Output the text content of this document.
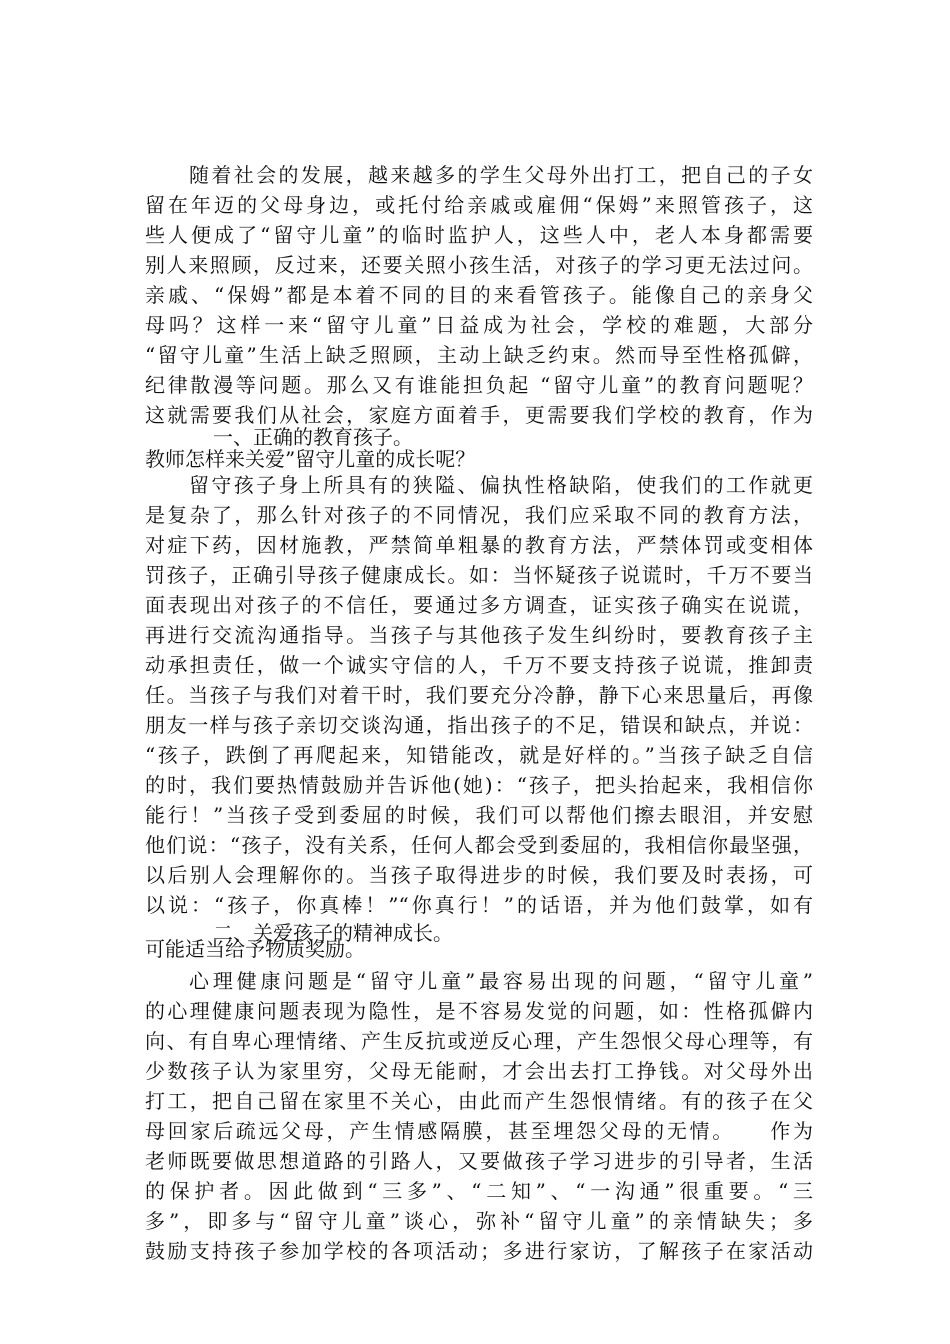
随着社会的发展，越来越多的学生父母外出打工，把自己的子女
留在年迈的父母身边，或托付给亲戚或雇佣“保姆”来照管孩子，这
些人便成了“留守儿童”的临时监护人，这些人中，老人本身都需要
别人来照顾，反过来，还要关照小孩生活，对孩子的学习更无法过问。
亲戚、“保姆”都是本着不同的目的来看管孩子。能像自己的亲身父
母吗？这样一来“留守儿童”日益成为社会，学校的难题，大部分
“留守儿童”生活上缺乏照顾，主动上缺乏约束。然而导至性格孤僻，
纪律散漫等问题。那么又有谁能担负起 “留守儿童”的教育问题呢？
这就需要我们从社会，家庭方面着手，更需要我们学校的教育，作为
教师怎样来关爱”留守儿童的成长呢？

一、正确的教育孩子。

留守孩子身上所具有的狭隘、偏执性格缺陷，使我们的工作就更
是复杂了，那么针对孩子的不同情况，我们应采取不同的教育方法，
对症下药，因材施教，严禁简单粗暴的教育方法，严禁体罚或变相体
罚孩子，正确引导孩子健康成长。如：当怀疑孩子说谎时，千万不要当
面表现出对孩子的不信任，要通过多方调查，证实孩子确实在说谎，
再进行交流沟通指导。当孩子与其他孩子发生纠纷时，要教育孩子主
动承担责任，做一个诚实守信的人，千万不要支持孩子说谎，推卸责
任。当孩子与我们对着干时，我们要充分冷静，静下心来思量后，再像
朋友一样与孩子亲切交谈沟通，指出孩子的不足，错误和缺点，并说：
“孩子，跌倒了再爬起来，知错能改，就是好样的。”当孩子缺乏自信
的时，我们要热情鼓励并告诉他(她)：“孩子，把头抬起来，我相信你
能行！”当孩子受到委屈的时候，我们可以帮他们擦去眼泪，并安慰
他们说：“孩子，没有关系，任何人都会受到委屈的，我相信你最坚强，
以后别人会理解你的。当孩子取得进步的时候，我们要及时表扬，可
以说：“孩子，你真棒！”“你真行！”的话语，并为他们鼓掌，如有
可能适当给予物质奖励。

二、关爱孩子的精神成长。

心理健康问题是“留守儿童”最容易出现的问题，“留守儿童”
的心理健康问题表现为隐性，是不容易发觉的问题，如：性格孤僻内
向、有自卑心理情绪、产生反抗或逆反心理，产生怨恨父母心理等，有
少数孩子认为家里穷，父母无能耐，才会出去打工挣钱。对父母外出
打工，把自己留在家里不关心，由此而产生怨恨情绪。有的孩子在父
母回家后疏远父母，产生情感隔膜，甚至埋怨父母的无情。　　作为
老师既要做思想道路的引路人，又要做孩子学习进步的引导者，生活
的保护者。因此做到“三多”、“二知”、“一沟通”很重要。“三
多”，即多与“留守儿童”谈心，弥补“留守儿童”的亲情缺失；多
鼓励支持孩子参加学校的各项活动；多进行家访，了解孩子在家活动
